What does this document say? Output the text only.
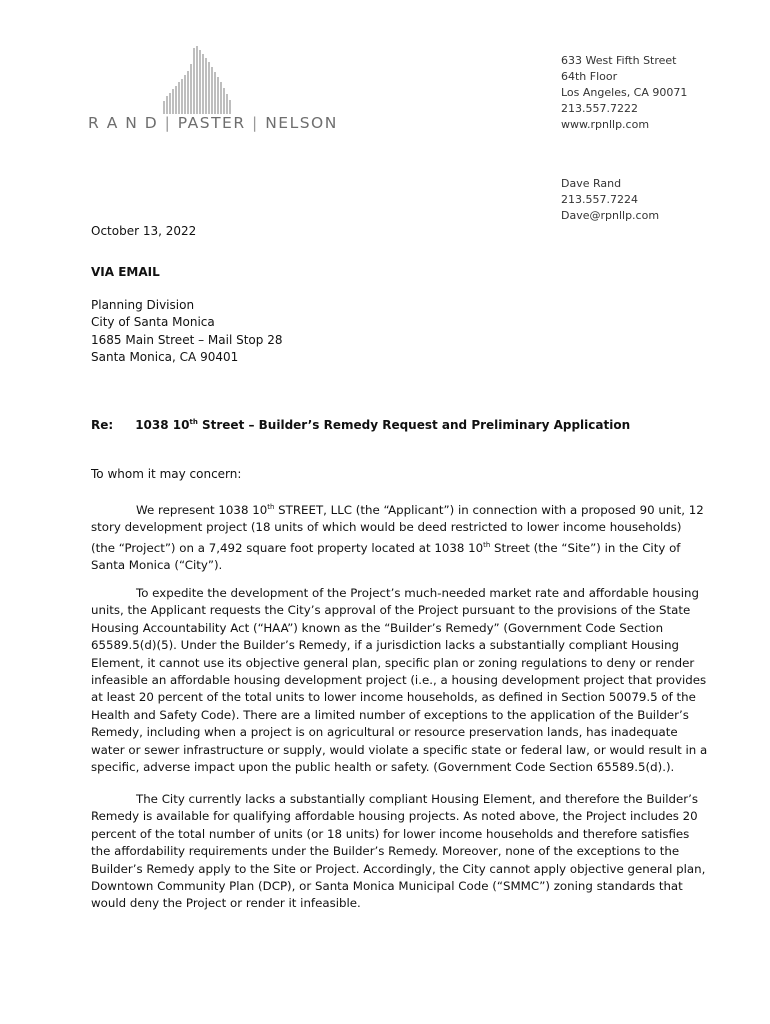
R A N D | PASTER | NELSON
633 West Fifth Street
64th Floor
Los Angeles, CA 90071
213.557.7222
www.rpnllp.com
Dave Rand
213.557.7224
Dave@rpnllp.com
October 13, 2022
VIA EMAIL
Planning Division
City of Santa Monica
1685 Main Street – Mail Stop 28
Santa Monica, CA 90401
Re: 1038 10th Street – Builder’s Remedy Request and Preliminary Application
To whom it may concern:
We represent 1038 10th STREET, LLC (the “Applicant”) in connection with a proposed 90 unit, 12
story development project (18 units of which would be deed restricted to lower income households)
(the “Project”) on a 7,492 square foot property located at 1038 10th Street (the “Site”) in the City of
Santa Monica (“City”).
To expedite the development of the Project’s much-needed market rate and affordable housing
units, the Applicant requests the City’s approval of the Project pursuant to the provisions of the State
Housing Accountability Act (“HAA”) known as the “Builder’s Remedy” (Government Code Section
65589.5(d)(5). Under the Builder’s Remedy, if a jurisdiction lacks a substantially compliant Housing
Element, it cannot use its objective general plan, specific plan or zoning regulations to deny or render
infeasible an affordable housing development project (i.e., a housing development project that provides
at least 20 percent of the total units to lower income households, as defined in Section 50079.5 of the
Health and Safety Code). There are a limited number of exceptions to the application of the Builder’s
Remedy, including when a project is on agricultural or resource preservation lands, has inadequate
water or sewer infrastructure or supply, would violate a specific state or federal law, or would result in a
specific, adverse impact upon the public health or safety. (Government Code Section 65589.5(d).).
The City currently lacks a substantially compliant Housing Element, and therefore the Builder’s
Remedy is available for qualifying affordable housing projects. As noted above, the Project includes 20
percent of the total number of units (or 18 units) for lower income households and therefore satisfies
the affordability requirements under the Builder’s Remedy. Moreover, none of the exceptions to the
Builder’s Remedy apply to the Site or Project. Accordingly, the City cannot apply objective general plan,
Downtown Community Plan (DCP), or Santa Monica Municipal Code (“SMMC”) zoning standards that
would deny the Project or render it infeasible.
